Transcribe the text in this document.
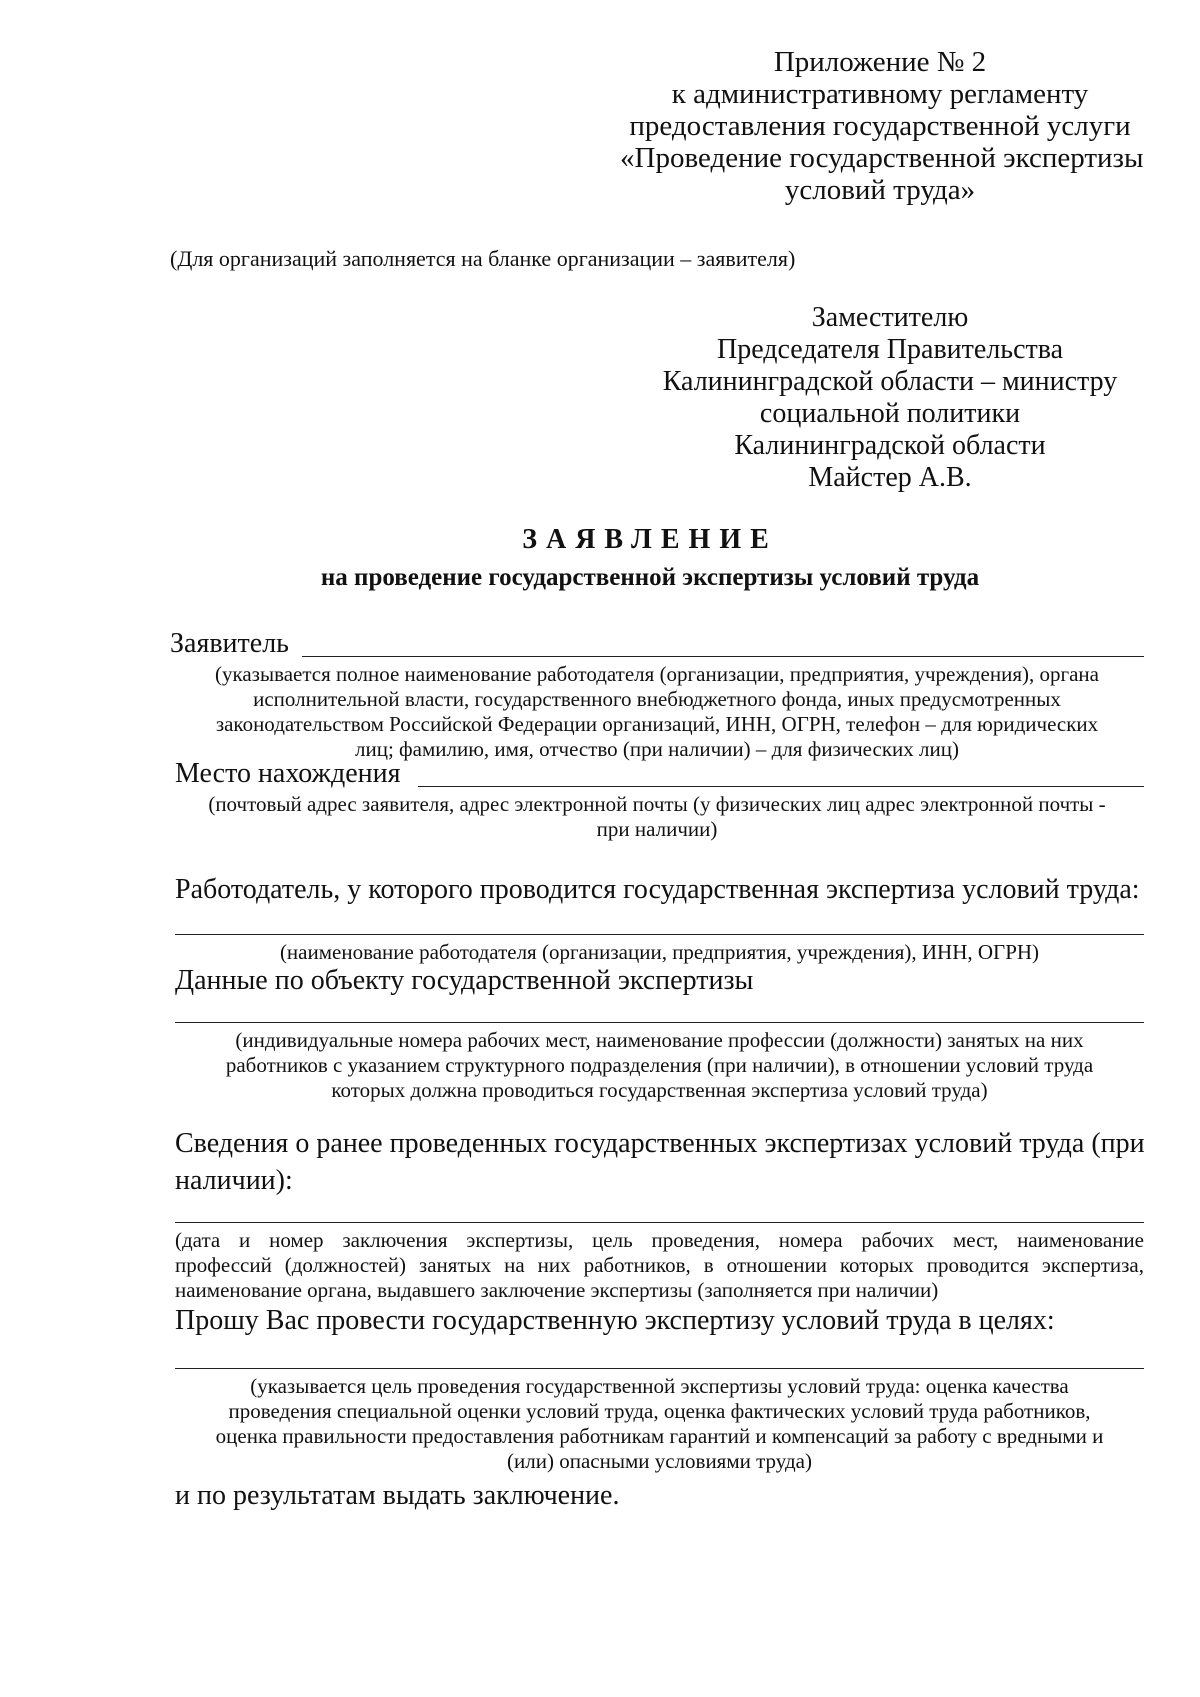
Приложение № 2
к административному регламенту
предоставления государственной услуги
«Проведение государственной экспертизы
условий труда»
(Для организаций заполняется на бланке организации – заявителя)
Заместителю
Председателя Правительства
Калининградской области – министру
социальной политики
Калининградской области
Майстер А.В.
ЗАЯВЛЕНИЕ
на проведение государственной экспертизы условий труда
Заявитель
(указывается полное наименование работодателя (организации, предприятия, учреждения), органа
исполнительной власти, государственного внебюджетного фонда, иных предусмотренных
законодательством Российской Федерации организаций, ИНН, ОГРН, телефон – для юридических
лиц; фамилию, имя, отчество (при наличии) – для физических лиц)
Место нахождения
(почтовый адрес заявителя, адрес электронной почты (у физических лиц адрес электронной почты -
при наличии)
Работодатель, у которого проводится государственная экспертиза условий труда:
(наименование работодателя (организации, предприятия, учреждения), ИНН, ОГРН)
Данные по объекту государственной экспертизы
(индивидуальные номера рабочих мест, наименование профессии (должности) занятых на них
работников с указанием структурного подразделения (при наличии), в отношении условий труда
которых должна проводиться государственная экспертиза условий труда)
Сведения о ранее проведенных государственных экспертизах условий труда (при
наличии):
(дата и номер заключения экспертизы, цель проведения, номера рабочих мест, наименование
профессий (должностей) занятых на них работников, в отношении которых проводится экспертиза,
наименование органа, выдавшего заключение экспертизы (заполняется при наличии)
Прошу Вас провести государственную экспертизу условий труда в целях:
(указывается цель проведения государственной экспертизы условий труда: оценка качества
проведения специальной оценки условий труда, оценка фактических условий труда работников,
оценка правильности предоставления работникам гарантий и компенсаций за работу с вредными и
(или) опасными условиями труда)
и по результатам выдать заключение.
